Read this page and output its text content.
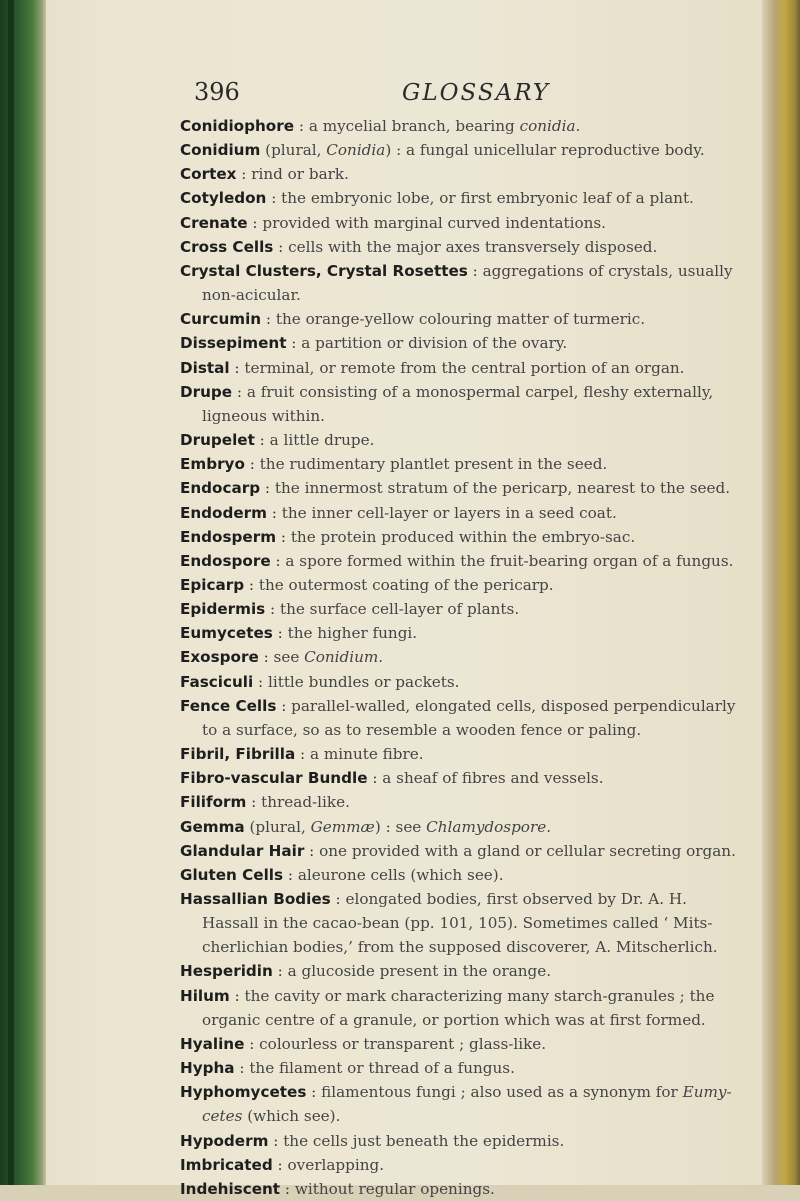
396	GLOSSARY

Conidiophore : a mycelial branch, bearing conidia.

Conidium (plural, Conidia) : a fungal unicellular reproductive body.

Cortex : rind or bark.

Cotyledon : the embryonic lobe, or first embryonic leaf of a plant.

Crenate : provided with marginal curved indentations.

Cross Cells : cells with the major axes transversely disposed.

Crystal Clusters, Crystal Rosettes : aggregations of crystals, usually non-acicular.

Curcumin : the orange-yellow colouring matter of turmeric.

Dissepiment : a partition or division of the ovary.

Distal : terminal, or remote from the central portion of an organ.

Drupe : a fruit consisting of a monospermal carpel, fleshy externally, ligneous within.

Drupelet : a little drupe.

Embryo : the rudimentary plantlet present in the seed.

Endocarp : the innermost stratum of the pericarp, nearest to the seed.

Endoderm : the inner cell-layer or layers in a seed coat.

Endosperm : the protein produced within the embryo-sac.

Endospore : a spore formed within the fruit-bearing organ of a fungus.

Epicarp : the outermost coating of the pericarp.

Epidermis : the surface cell-layer of plants.

Eumycetes : the higher fungi.

Exospore : see Conidium.

Fasciculi : little bundles or packets.

Fence Cells : parallel-walled, elongated cells, disposed perpendicularly to a surface, so as to resemble a wooden fence or paling.

Fibril, Fibrilla : a minute fibre.

Fibro-vascular Bundle : a sheaf of fibres and vessels.

Filiform : thread-like.

Gemma (plural, Gemmæ) : see Chlamydospore.

Glandular Hair : one provided with a gland or cellular secreting organ.

Gluten Cells : aleurone cells (which see).

Hassallian Bodies : elongated bodies, first observed by Dr. A. H. Hassall in the cacao-bean (pp. 101, 105). Sometimes called ‘ Mits-cherlichian bodies,’ from the supposed discoverer, A. Mitscherlich.

Hesperidin : a glucoside present in the orange.

Hilum : the cavity or mark characterizing many starch-granules ; the organic centre of a granule, or portion which was at first formed.

Hyaline : colourless or transparent ; glass-like.

Hypha : the filament or thread of a fungus.

Hyphomycetes : filamentous fungi ; also used as a synonym for Eumy-cetes (which see).

Hypoderm : the cells just beneath the epidermis.

Imbricated : overlapping.

Indehiscent : without regular openings.
